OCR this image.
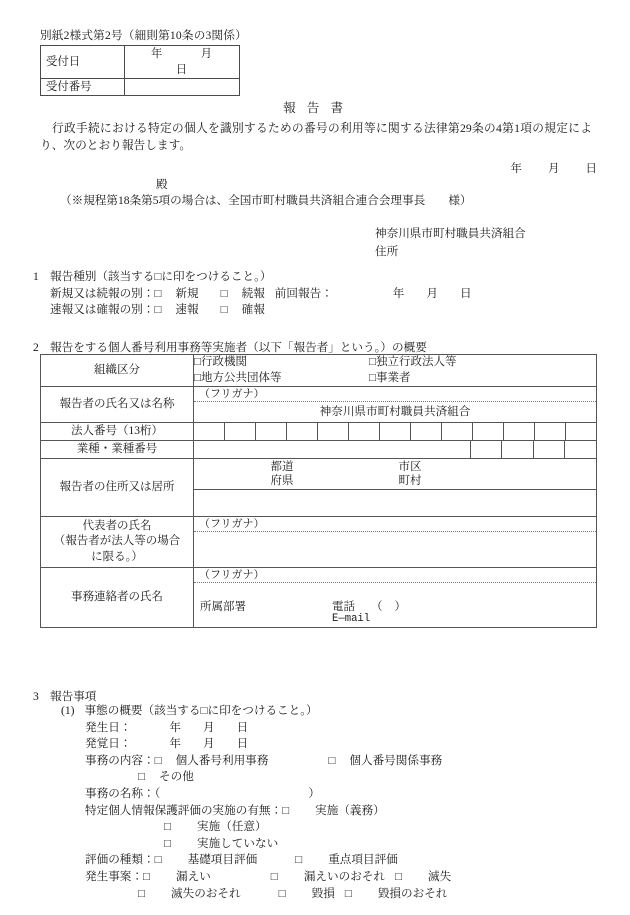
別紙2様式第2号（細則第10条の3関係）
受付日	年　　　月　　　日
受付番号	
報 告 書
行政手続における特定の個人を識別するための番号の利用等に関する法律第29条の4第1項の規定により、次のとおり報告します。
年 月 日
殿
（※規程第18条第5項の場合は、全国市町村職員共済組合連合会理事長　　様）
神奈川県市町村職員共済組合
住所
1 報告種別（該当する□に印をつけること。）
新規又は続報の別：□ 新規 □ 続報 前回報告：	年 月 日
速報又は確報の別：□ 速報 □ 確報
2 報告をする個人番号利用事務等実施者（以下「報告者」という。）の概要
組織区分	□行政機関 □独立行政法人等
□地方公共団体等 □事業者

報告者の氏名又は名称	（フリガナ）
神奈川県市町村職員共済組合

法人番号（13桁）	

業種・業種番号	

報告者の住所又は居所	都道
府県
市区
町村

代表者の氏名
（報告者が法人等の場合
に限る。）	（フリガナ）

事務連絡者の氏名	（フリガナ）
所属部署 電話 （）
E—mail
3 報告事項
(1) 事態の概要（該当する□に印をつけること。）
発生日：	年 月 日
発覚日：	年 月 日
事務の内容：□ 個人番号利用事務	□ 個人番号関係事務
□ その他
事務の名称：（	）
特定個人情報保護評価の実施の有無：□ 実施（義務）
□ 実施（任意）
□ 実施していない
評価の種類：□ 基礎項目評価	□ 重点項目評価
発生事案：□ 漏えい	□ 漏えいのおそれ □ 滅失
□ 滅失のおそれ	□ 毀損 □ 毀損のおそれ
